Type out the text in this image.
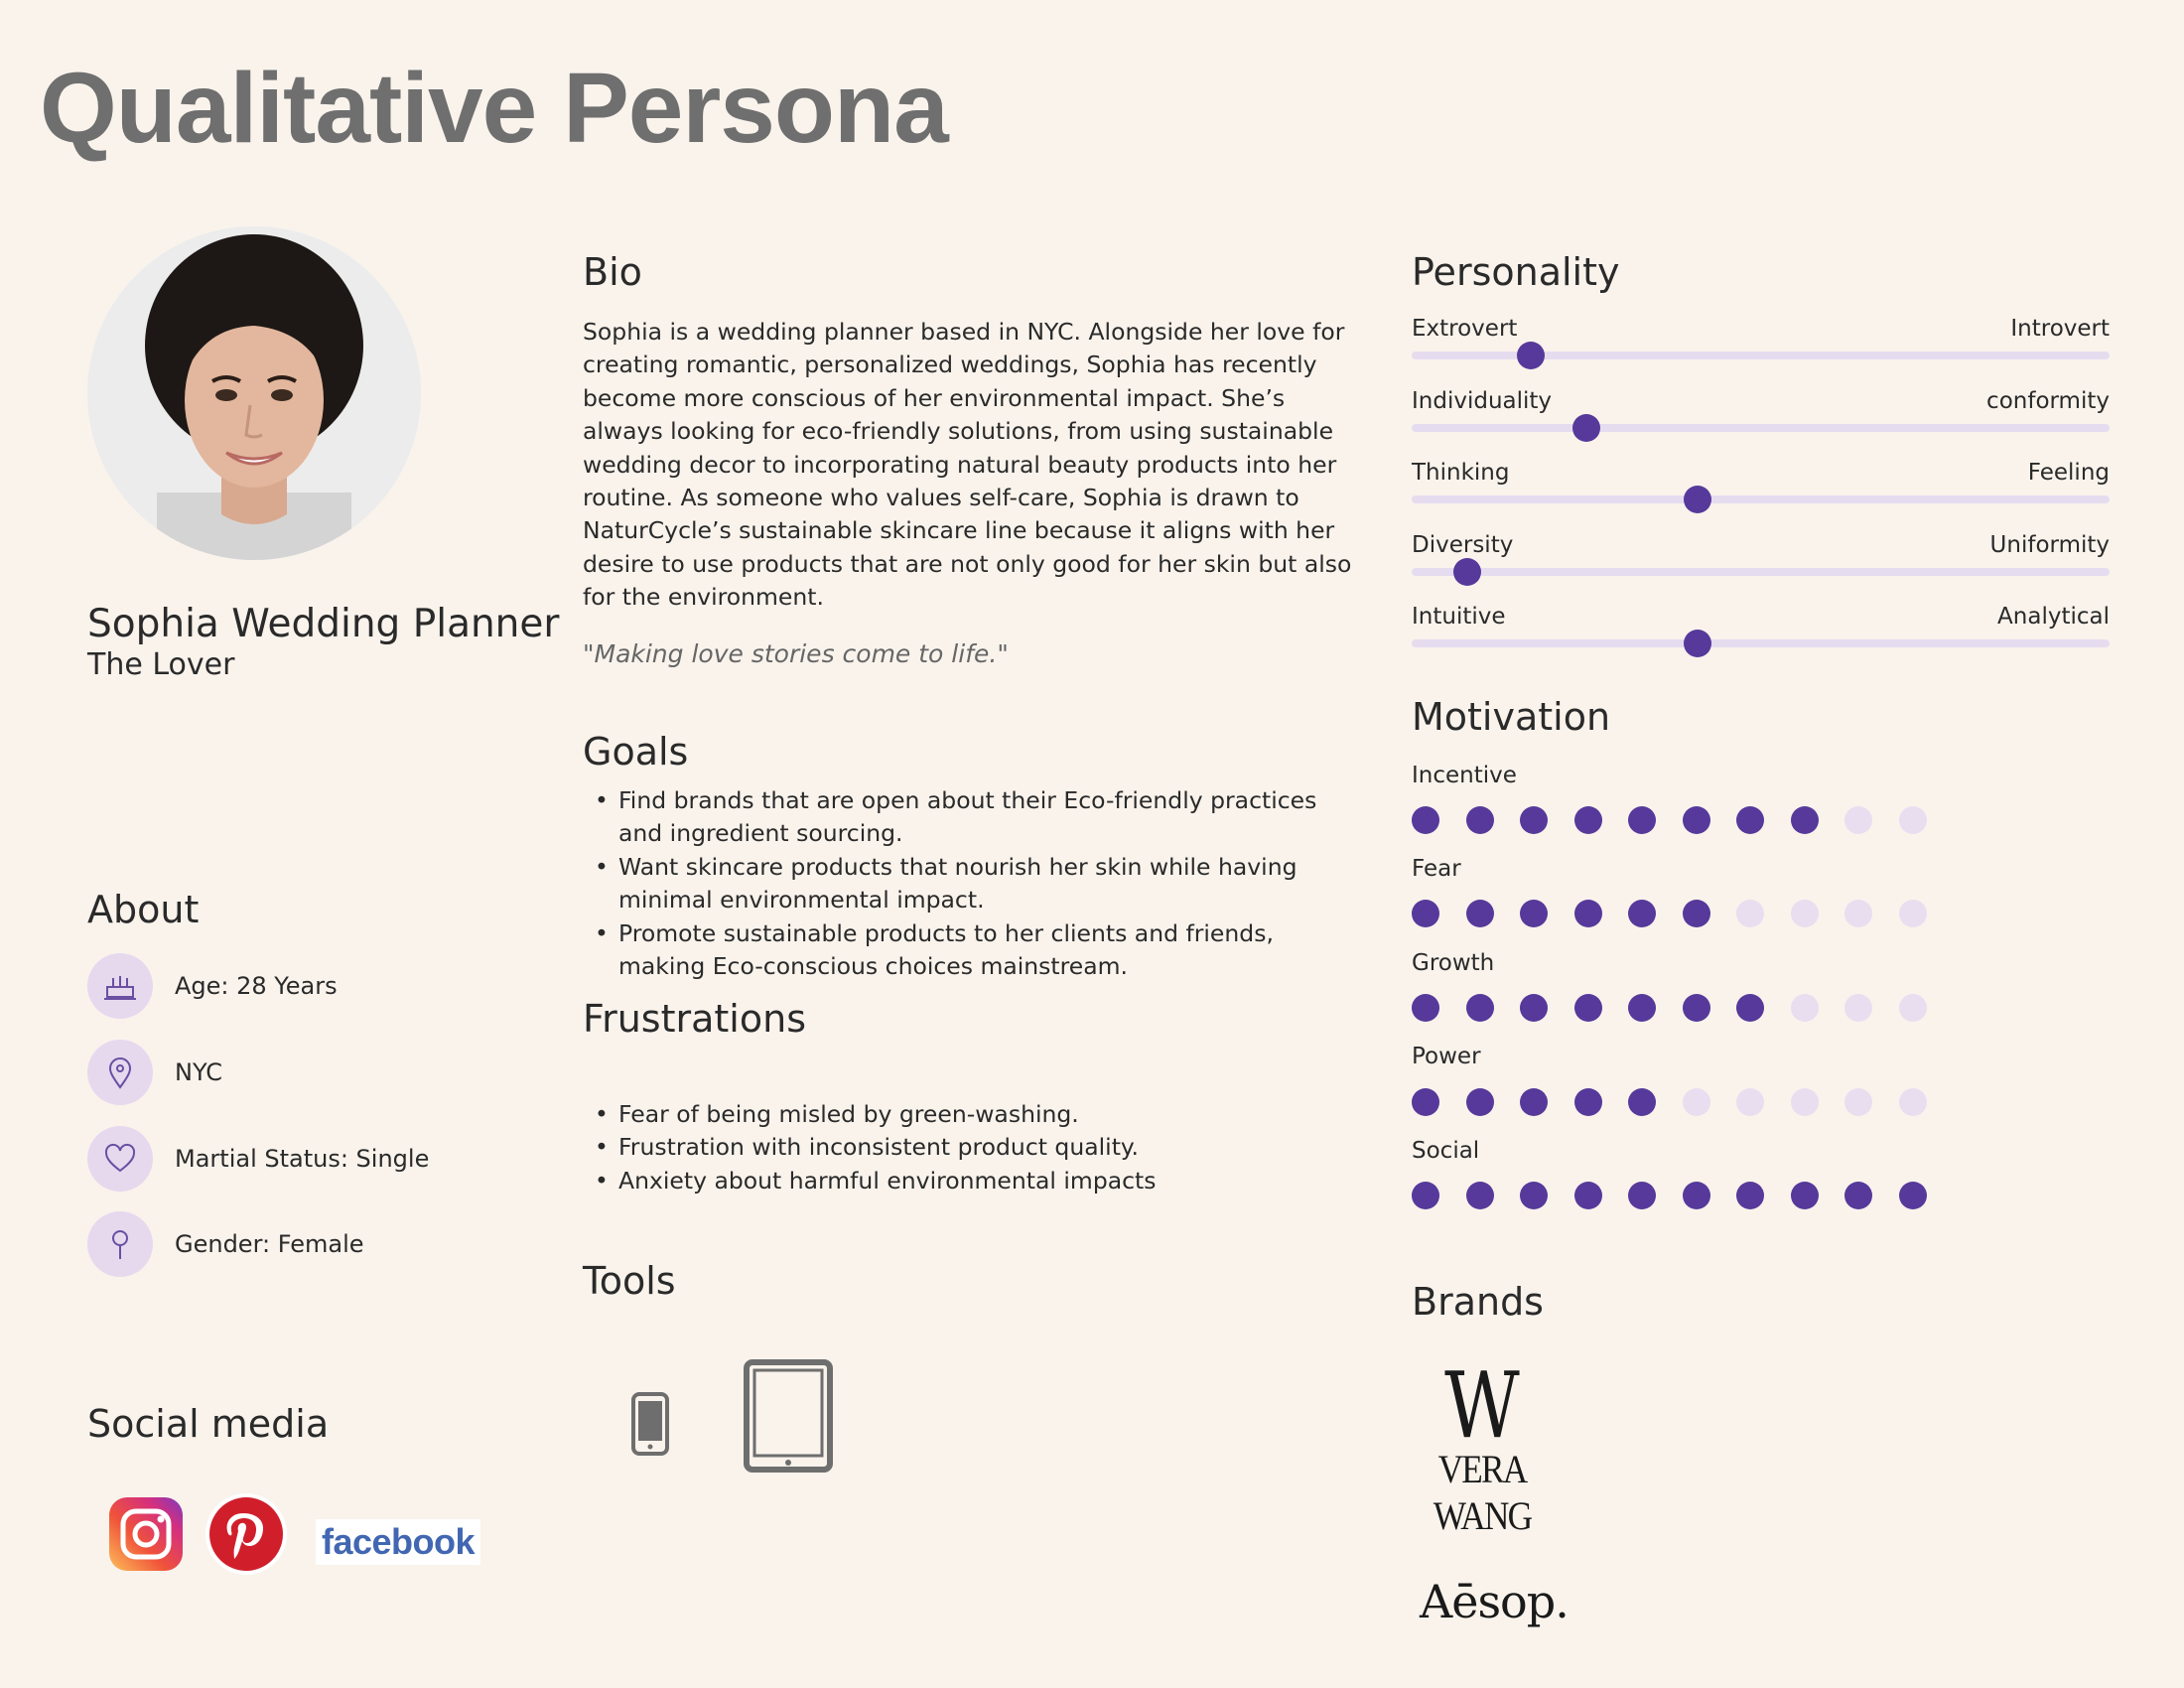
Qualitative Persona
Sophia Wedding Planner
The Lover
About
Age: 28 Years
NYC
Martial Status: Single
Gender: Female
Social media
facebook
Bio
Sophia is a wedding planner based in NYC. Alongside her love for creating romantic, personalized weddings, Sophia has recently become more conscious of her environmental impact. She’s always looking for eco-friendly solutions, from using sustainable wedding decor to incorporating natural beauty products into her routine. As someone who values self-care, Sophia is drawn to NaturCycle’s sustainable skincare line because it aligns with her desire to use products that are not only good for her skin but also for the environment.
"Making love stories come to life."
Goals
• Find brands that are open about their Eco-friendly practices and ingredient sourcing.
• Want skincare products that nourish her skin while having minimal environmental impact.
• Promote sustainable products to her clients and friends, making Eco-conscious choices mainstream.
Frustrations
• Fear of being misled by green-washing.
• Frustration with inconsistent product quality.
• Anxiety about harmful environmental impacts
Tools
Personality
Extrovert	Introvert
Individuality	conformity
Thinking	Feeling
Diversity	Uniformity
Intuitive	Analytical
Motivation
Incentive
Fear
Growth
Power
Social
Brands
W
VERA WANG
Aēsop.
